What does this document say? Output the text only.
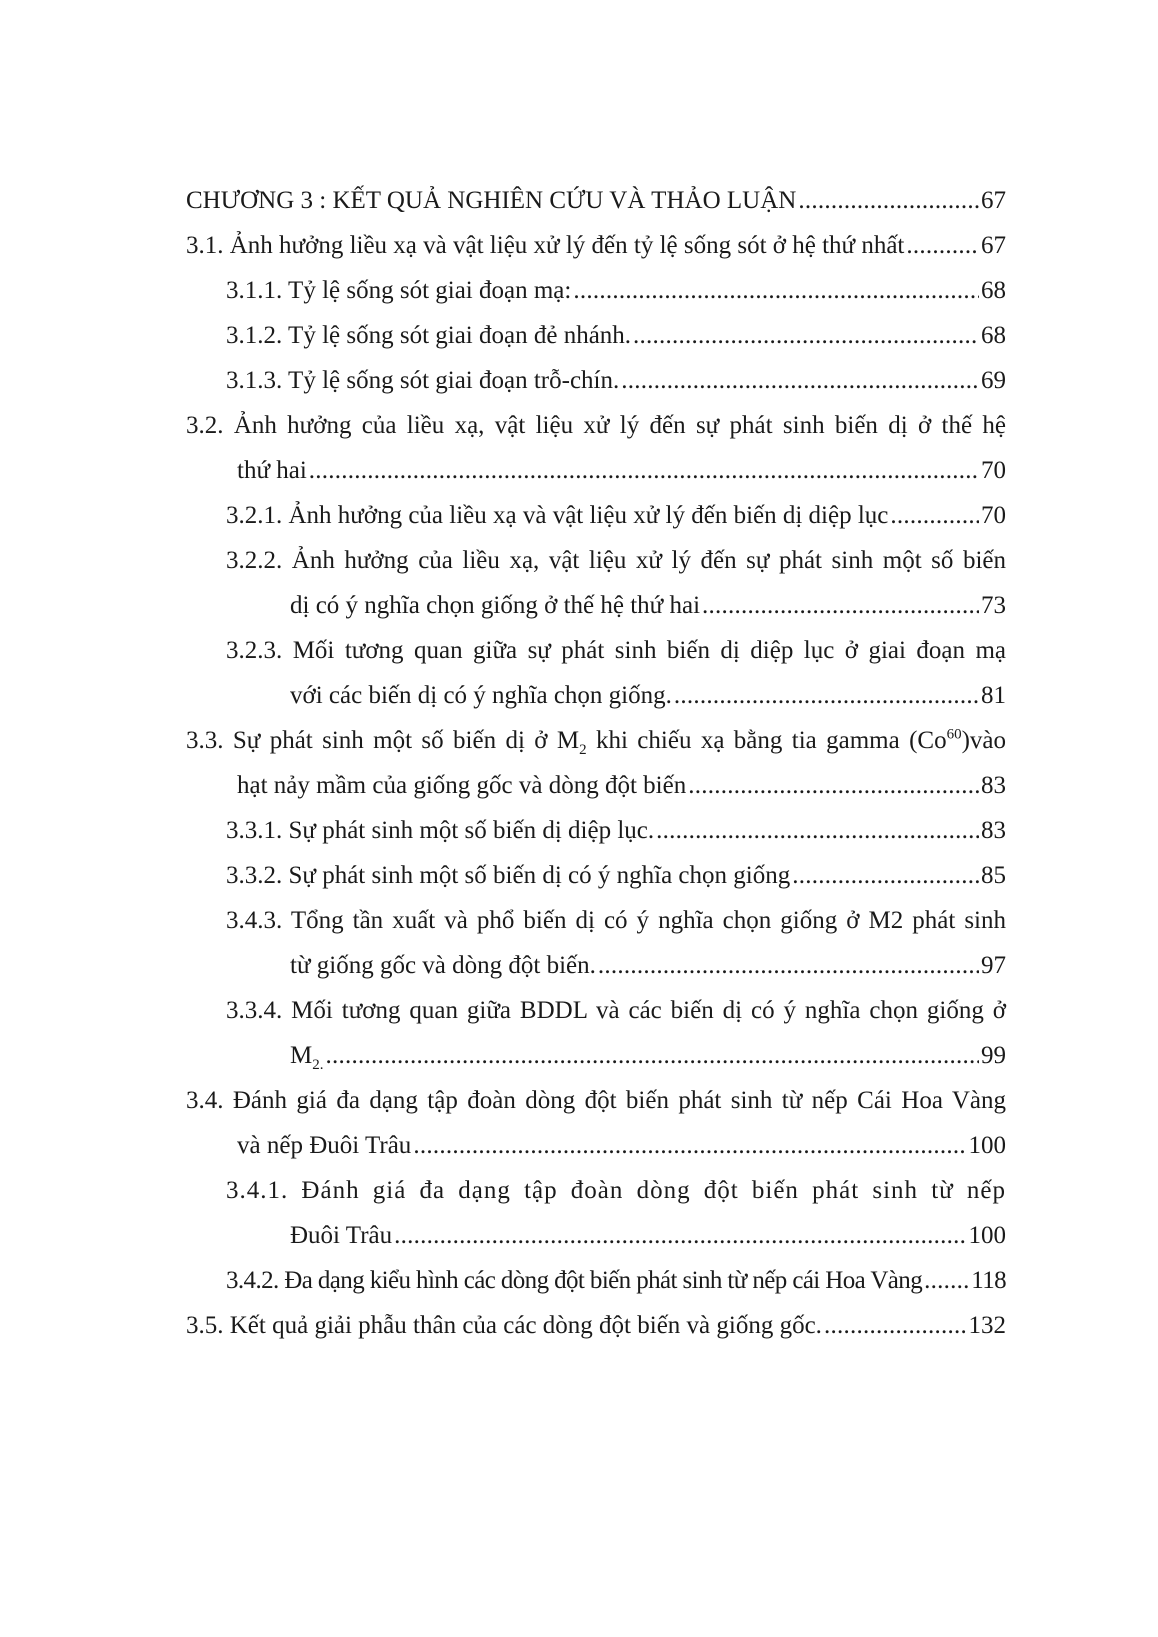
CHƯƠNG 3 : KẾT QUẢ NGHIÊN CỨU VÀ THẢO LUẬN . . .	67
3.1. Ảnh hưởng liều xạ và vật liệu xử lý đến tỷ lệ sống sót ở hệ thứ nhất . . .	67
3.1.1. Tỷ lệ sống sót giai đoạn mạ: . . .	68
3.1.2. Tỷ lệ sống sót giai đoạn đẻ nhánh. . . .	68
3.1.3. Tỷ lệ sống sót giai đoạn trỗ-chín. . . .	69
3.2. Ảnh hưởng của liều xạ, vật liệu xử lý đến sự phát sinh biến dị ở thế hệ
thứ hai . . .	70
3.2.1. Ảnh hưởng của liều xạ và vật liệu xử lý đến biến dị diệp lục . . .	70
3.2.2. Ảnh hưởng của liều xạ, vật liệu xử lý đến sự phát sinh một số biến
dị có ý nghĩa chọn giống ở thế hệ thứ hai . . .	73
3.2.3. Mối tương quan giữa sự phát sinh biến dị diệp lục ở giai đoạn mạ
với các biến dị có ý nghĩa chọn giống. . . .	81
3.3. Sự phát sinh một số biến dị ở $M_2$ khi chiếu xạ bằng tia gamma (Co$^{60}$)vào
hạt nảy mầm của giống gốc và dòng đột biến . . .	83
3.3.1. Sự phát sinh một số biến dị diệp lục. . . .	83
3.3.2. Sự phát sinh một số biến dị có ý nghĩa chọn giống . . .	85
3.4.3. Tổng tần xuất và phổ biến dị có ý nghĩa chọn giống ở M2 phát sinh
từ giống gốc và dòng đột biến. . . .	97
3.3.4. Mối tương quan giữa BDDL và các biến dị có ý nghĩa chọn giống ở
$M_{2.}$ . . .	99
3.4. Đánh giá đa dạng tập đoàn dòng đột biến phát sinh từ nếp Cái Hoa Vàng
và nếp Đuôi Trâu . . .	100
3.4.1. Đánh giá đa dạng tập đoàn dòng đột biến phát sinh từ nếp
Đuôi Trâu . . .	100
3.4.2. Đa dạng kiểu hình các dòng đột biến phát sinh từ nếp cái Hoa Vàng . . . 118
3.5. Kết quả giải phẫu thân của các dòng đột biến và giống gốc. . . .	132
